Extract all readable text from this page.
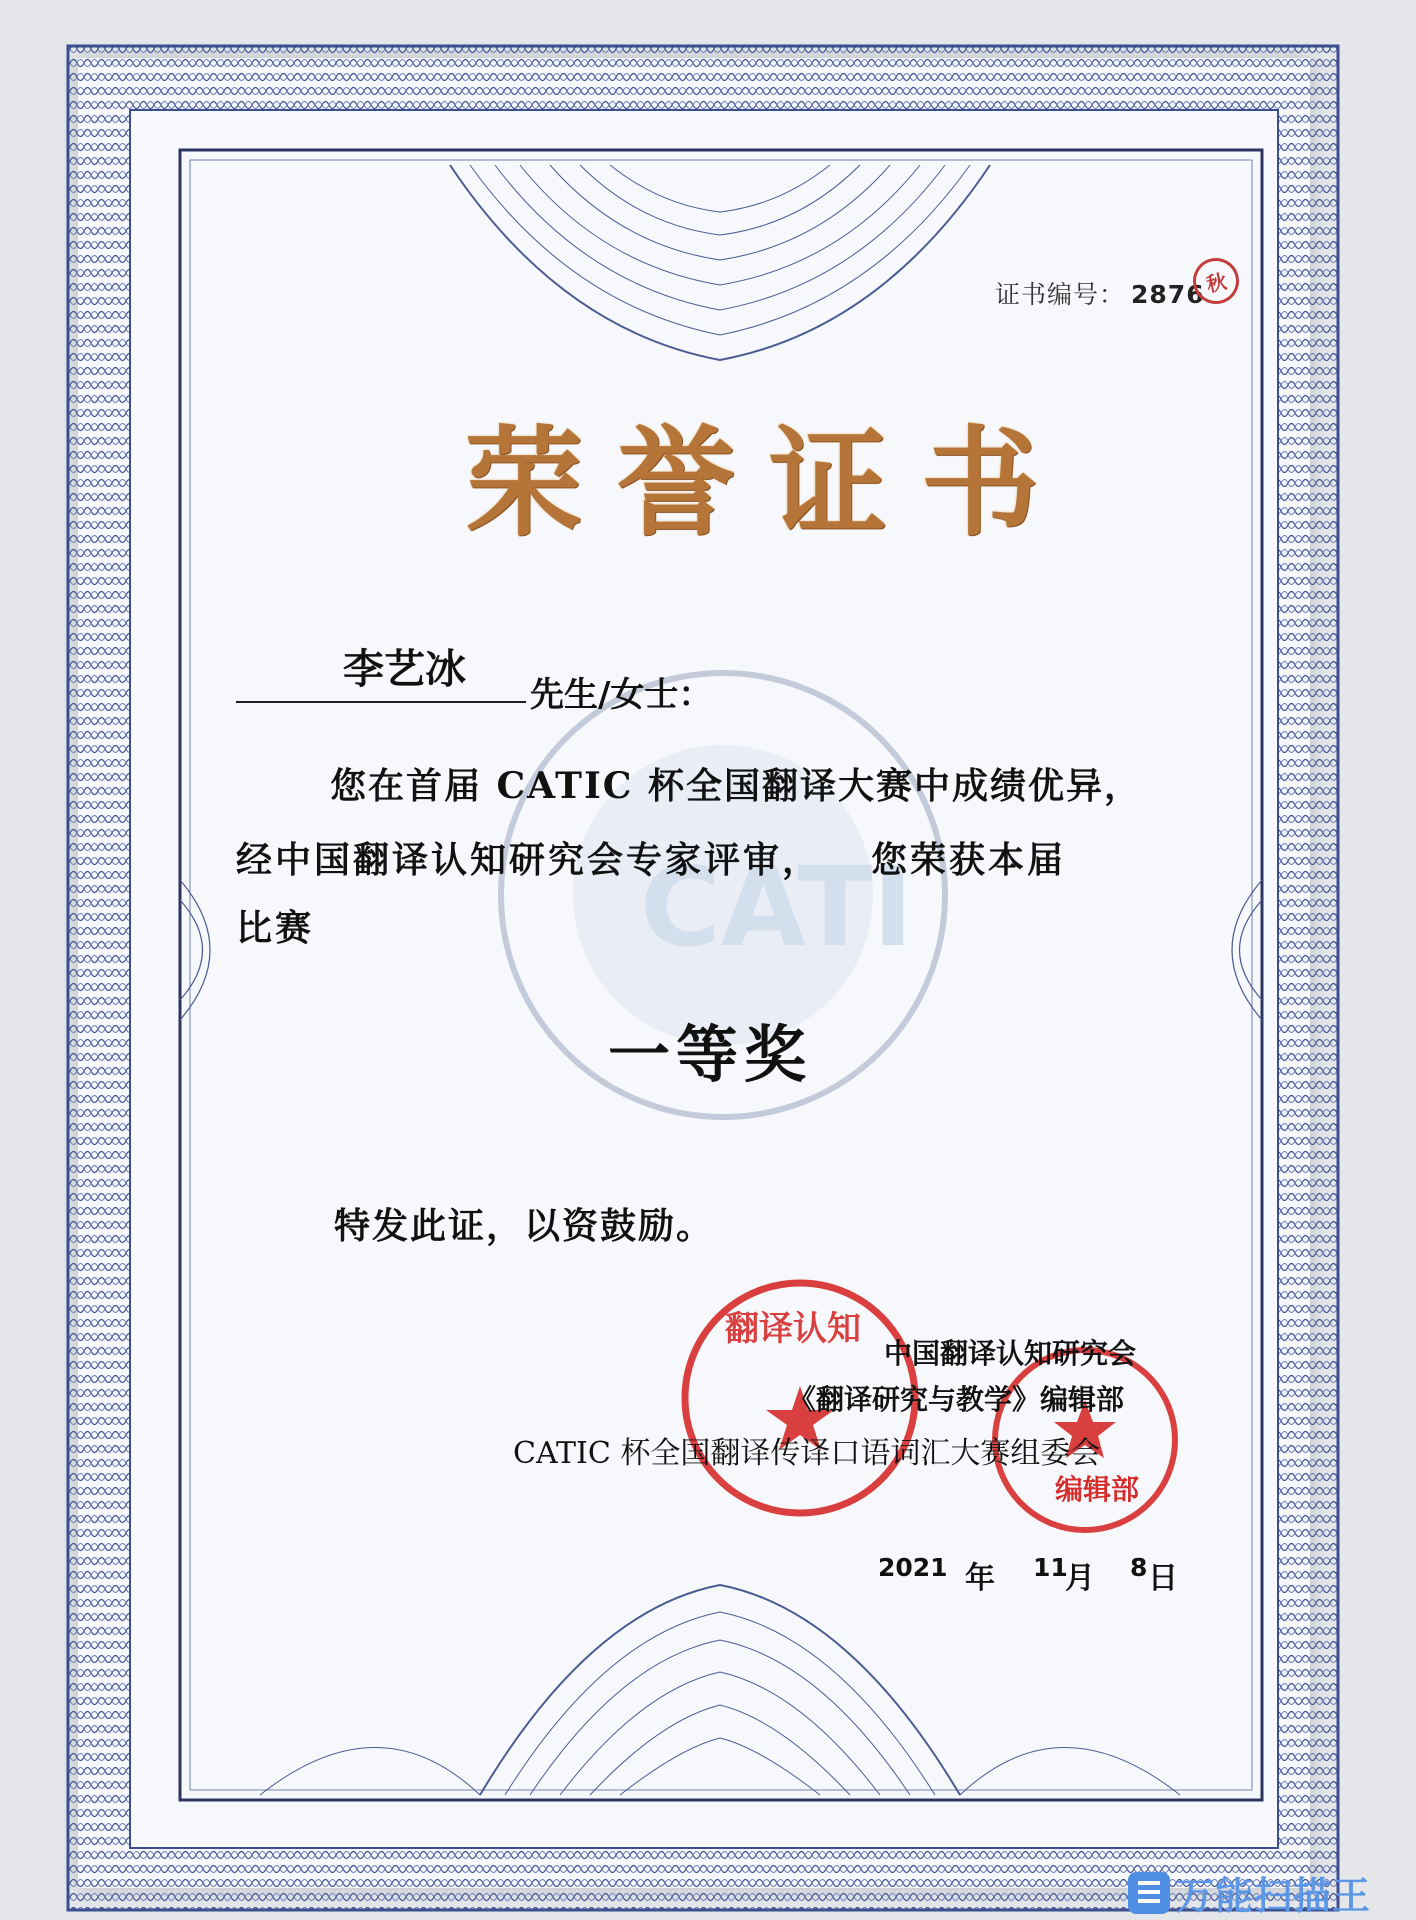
CATI
翻译认知
证书编号： 2876 秋
荣誉证书
李艺冰
先生/女士：
您在首届 CATIC 杯全国翻译大赛中成绩优异，
经中国翻译认知研究会专家评审， 您荣获本届
比赛
一等奖
特发此证，以资鼓励。
中国翻译认知研究会
《翻译研究与教学》编辑部
CATIC 杯全国翻译传译口语词汇大赛组委会
编辑部
2021 年 11
月 8 日
万能扫描王
